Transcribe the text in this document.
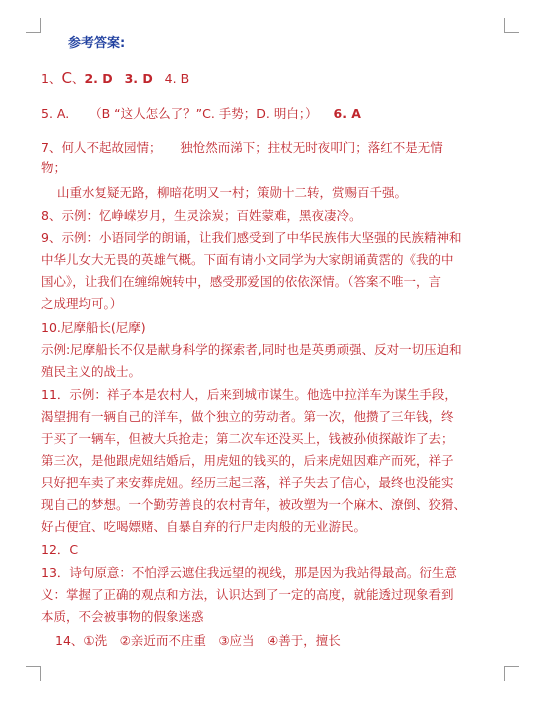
参考答案:
1、C、2. D 3. D 4. B
5. A. （B “这人怎么了？”C. 手势；D. 明白；） 6. A
7、何人不起故园情；　　独怆然而涕下；拄杖无时夜叩门；落红不是无情
物；
山重水复疑无路，柳暗花明又一村；策勋十二转，赏赐百千强。
8、示例：忆峥嵘岁月，生灵涂炭；百姓蒙难，黑夜凄冷。
9、示例：小语同学的朗诵，让我们感受到了中华民族伟大坚强的民族精神和
中华儿女大无畏的英雄气概。下面有请小文同学为大家朗诵黄霑的《我的中
国心》，让我们在缠绵婉转中，感受那爱国的依依深情。（答案不唯一，言
之成理均可。）
10.尼摩船长(尼摩)
示例:尼摩船长不仅是献身科学的探索者,同时也是英勇顽强、反对一切压迫和
殖民主义的战士。
11．示例：祥子本是农村人，后来到城市谋生。他选中拉洋车为谋生手段，
渴望拥有一辆自己的洋车，做个独立的劳动者。第一次，他攒了三年钱，终
于买了一辆车，但被大兵抢走；第二次车还没买上，钱被孙侦探敲诈了去；
第三次，是他跟虎妞结婚后，用虎妞的钱买的，后来虎妞因难产而死，祥子
只好把车卖了来安葬虎妞。经历三起三落，祥子失去了信心，最终也没能实
现自己的梦想。一个勤劳善良的农村青年，被改塑为一个麻木、潦倒、狡猾、
好占便宜、吃喝嫖赌、自暴自弃的行尸走肉般的无业游民。
12．C
13．诗句原意：不怕浮云遮住我远望的视线，那是因为我站得最高。衍生意
义：掌握了正确的观点和方法，认识达到了一定的高度，就能透过现象看到
本质，不会被事物的假象迷惑
14、①洗　②亲近而不庄重　③应当　④善于，擅长
